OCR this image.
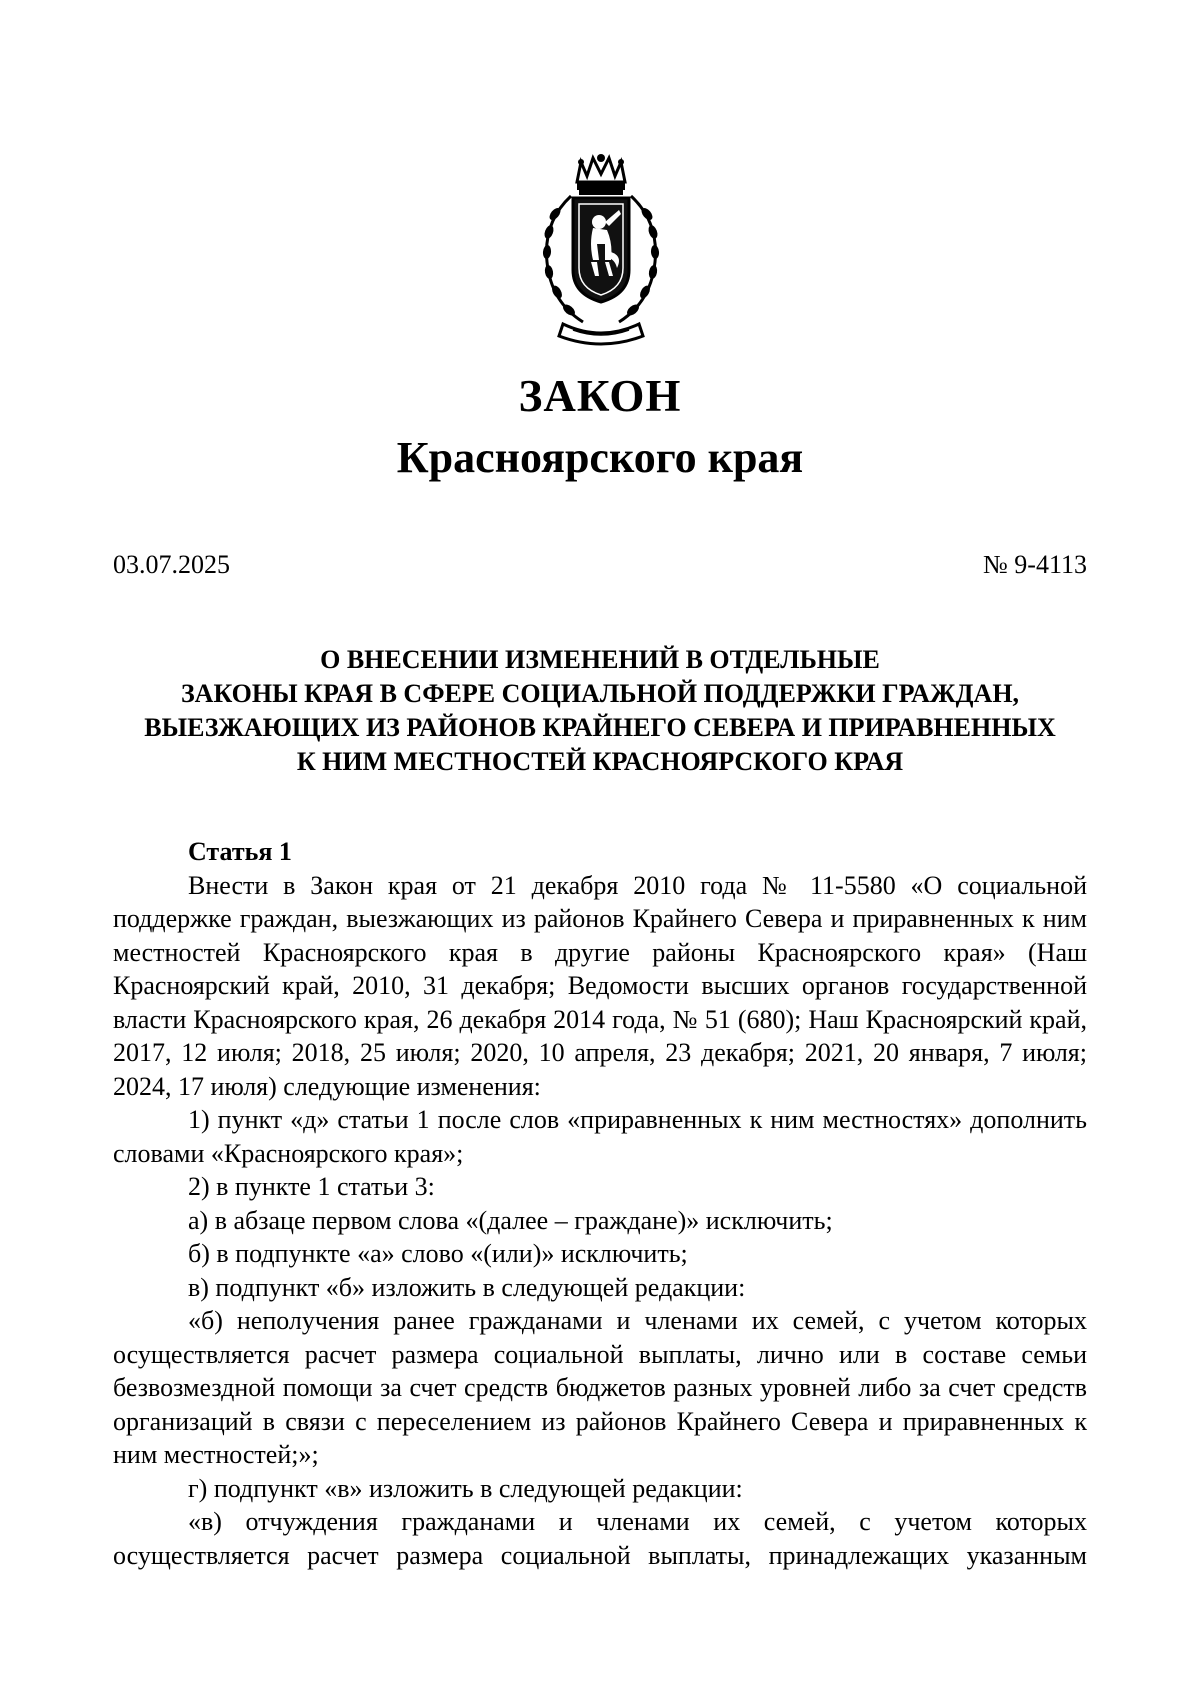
ЗАКОН
Красноярского края
03.07.2025	№ 9-4113
О ВНЕСЕНИИ ИЗМЕНЕНИЙ В ОТДЕЛЬНЫЕ
ЗАКОНЫ КРАЯ В СФЕРЕ СОЦИАЛЬНОЙ ПОДДЕРЖКИ ГРАЖДАН,
ВЫЕЗЖАЮЩИХ ИЗ РАЙОНОВ КРАЙНЕГО СЕВЕРА И ПРИРАВНЕННЫХ
К НИМ МЕСТНОСТЕЙ КРАСНОЯРСКОГО КРАЯ
Статья 1

Внести в Закон края от 21 декабря 2010 года № 11-5580 «О социальной поддержке граждан, выезжающих из районов Крайнего Севера и приравненных к ним местностей Красноярского края в другие районы Красноярского края» (Наш Красноярский край, 2010, 31 декабря; Ведомости высших органов государственной власти Красноярского края, 26 декабря 2014 года, № 51 (680); Наш Красноярский край, 2017, 12 июля; 2018, 25 июля; 2020, 10 апреля, 23 декабря; 2021, 20 января, 7 июля; 2024, 17 июля) следующие изменения:

1) пункт «д» статьи 1 после слов «приравненных к ним местностях» дополнить словами «Красноярского края»;

2) в пункте 1 статьи 3:

а) в абзаце первом слова «(далее – граждане)» исключить;

б) в подпункте «а» слово «(или)» исключить;

в) подпункт «б» изложить в следующей редакции:

«б) неполучения ранее гражданами и членами их семей, с учетом которых осуществляется расчет размера социальной выплаты, лично или в составе семьи безвозмездной помощи за счет средств бюджетов разных уровней либо за счет средств организаций в связи с переселением из районов Крайнего Севера и приравненных к ним местностей;»;

г) подпункт «в» изложить в следующей редакции:

«в) отчуждения гражданами и членами их семей, с учетом которых осуществляется расчет размера социальной выплаты, принадлежащих указанным
